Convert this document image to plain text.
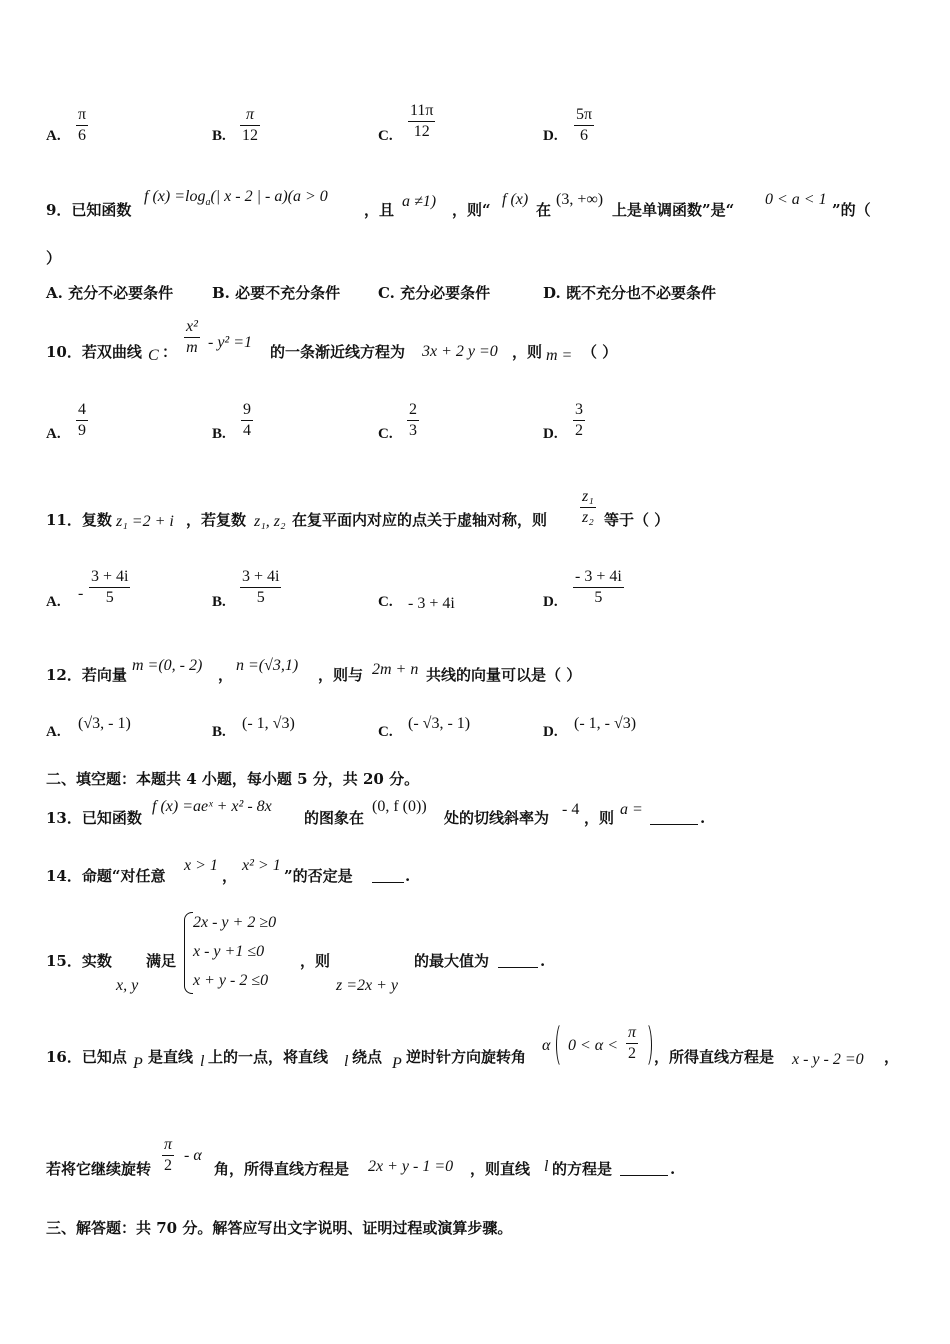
A.
π
6	B.
π
12	C.
11π
12	D.
5π
6
9．已知函数
f $(x) =\log_a(|$ x - 2 | - a)(a > 0
，且 a ≠1) ，则“
f (x)
在
(3, +∞)
上是单调函数”是“
0 < a < 1
”的（
）
A. 充分不必要条件	B. 必要不充分条件	C. 充分必要条件	D. 既不充分也不必要条件
10．若双曲线 C ：
x²
m - y² =1
的一条渐近线方程为 3x + 2 y =0 ，则 m = （ ）
A.
4
9	B.
9
4	C.
2
3	D.
3
2
11．复数 z₁ =2 + i ，若复数 z₁, z₂ 在复平面内对应的点关于虚轴对称，则
z₁
z₂ 等于（ ）
A. -
3 + 4i
5	B.
3 + 4i
5	C. - 3 + 4i	D.
- 3 + 4i
5
12．若向量
m =(0, - 2)
，
n =(√3,1)
，则与 2m + n 共线的向量可以是（ ）
A. (√3, - 1)	B. (- 1, √3)	C. (- √3, - 1)	D. (- 1, - √3)
二、填空题：本题共 4 小题，每小题 5 分，共 20 分。
13．已知函数
f (x) =aeˣ + x² - 8x
的图象在
(0, f (0))
处的切线斜率为 - 4 ，则 a =	.
14．命题“对任意
x > 1
，
x² > 1
”的否定是	.
15．实数
x, y
满足
2x - y + 2 ≥0
x - y +1 ≤0
x + y - 2 ≤0
，则
z =2x + y
的最大值为	.
16．已知点 P 是直线 l 上的一点，将直线 l 绕点 P 逆时针方向旋转角
α 0 < α <
π
2 ，所得直线方程是 x - y - 2 =0 ，
若将它继续旋转
π
2
- α
角，所得直线方程是 2x + y - 1 =0 ，则直线 l 的方程是	.
三、解答题：共 70 分。解答应写出文字说明、证明过程或演算步骤。
